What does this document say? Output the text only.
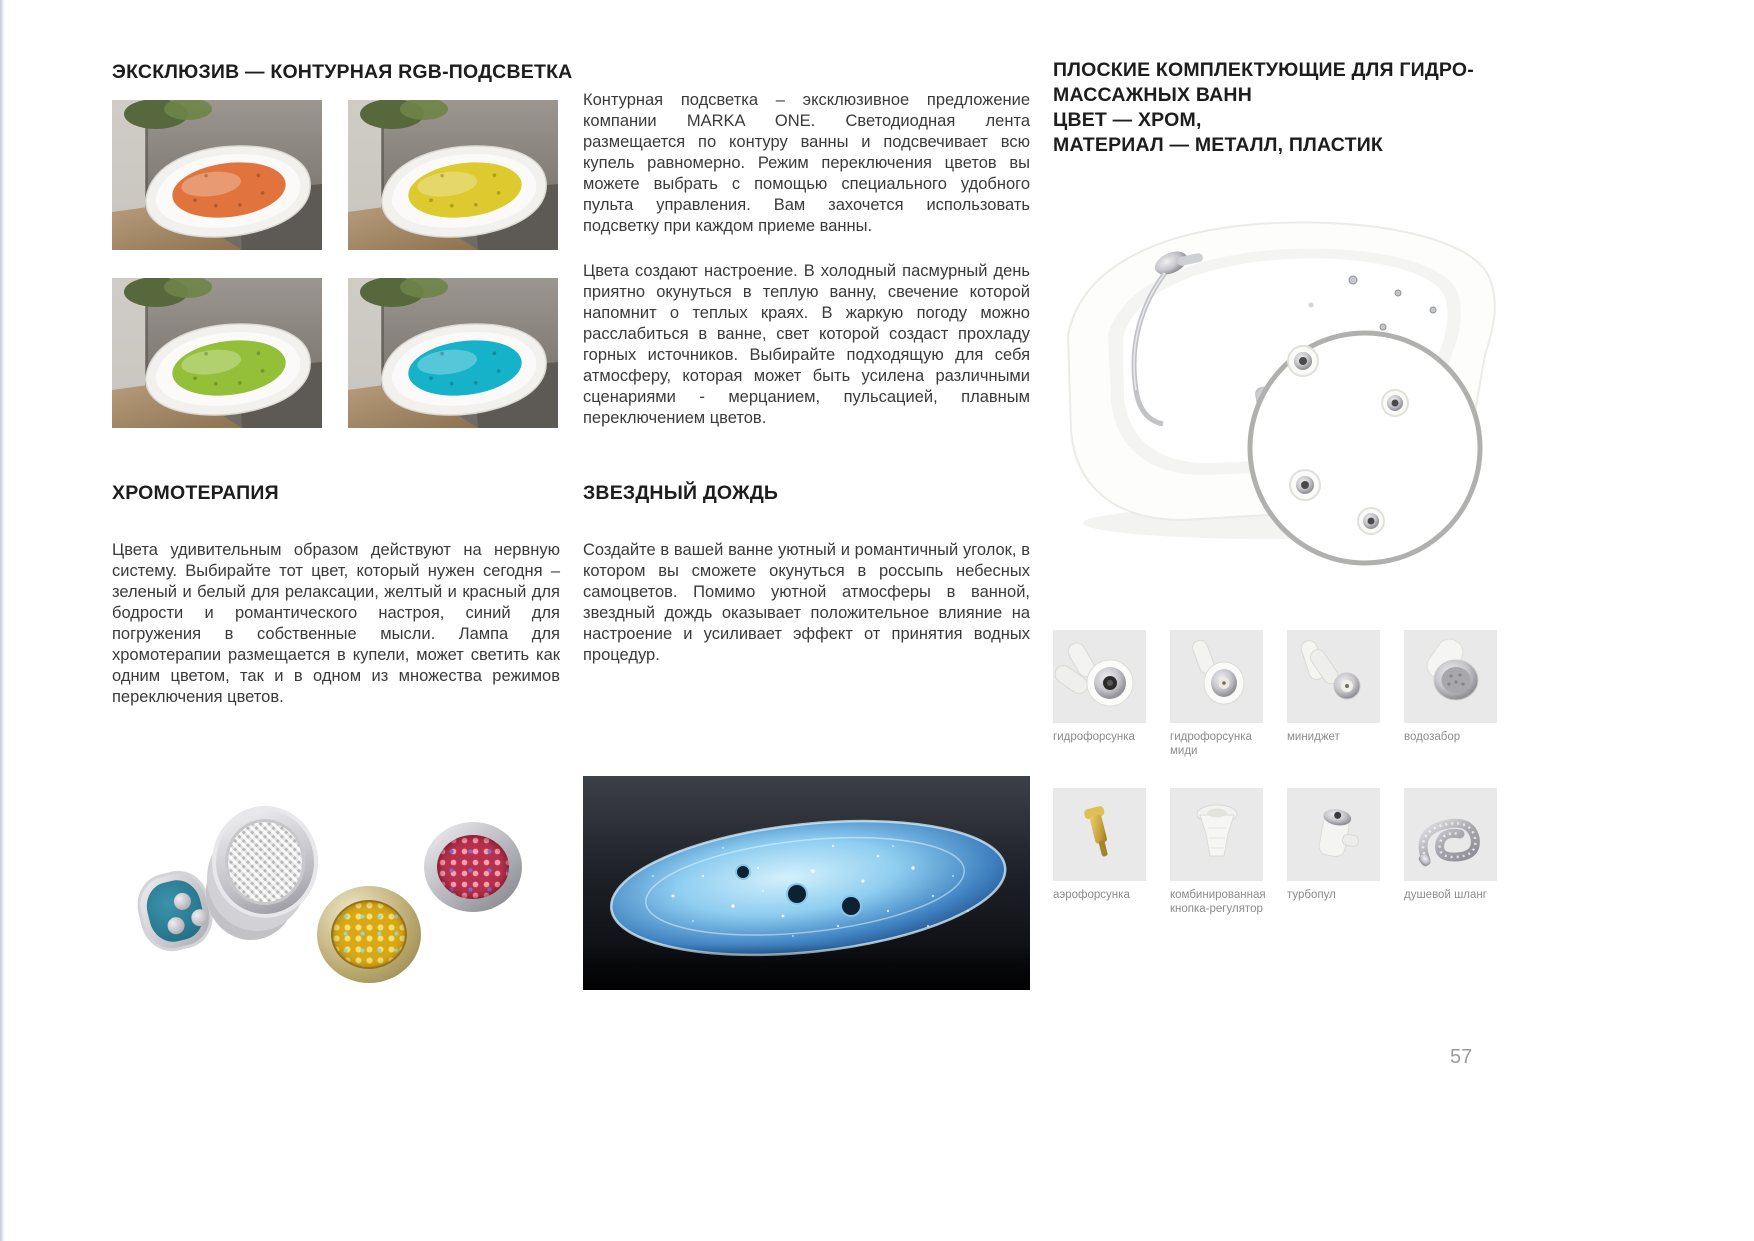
ЭКСКЛЮЗИВ — КОНТУРНАЯ RGB-ПОДСВЕТКА
ХРОМОТЕРАПИЯ
Цвета удивительным образом действуют на нервную систему. Выбирайте тот цвет, который нужен сегодня – зеленый и белый для релаксации, желтый и красный для бодрости и романтического настроя, синий для погружения в собственные мысли. Лампа для хромотерапии размещается в купели, может светить как одним цветом, так и в одном из множества режимов переключения цветов.
Контурная подсветка – эксклюзивное предложение компании MARKA ONE. Светодиодная лента размещается по контуру ванны и подсвечивает всю купель равномерно. Режим переключения цветов вы можете выбрать с помощью специального удобного пульта управления. Вам захочется использовать подсветку при каждом приеме ванны.
Цвета создают настроение. В холодный пасмурный день приятно окунуться в теплую ванну, свечение которой напомнит о теплых краях. В жаркую погоду можно расслабиться в ванне, свет которой создаст прохладу горных источников. Выбирайте подходящую для себя атмосферу, которая может быть усилена различными сценариями - мерцанием, пульсацией, плавным переключением цветов.
ЗВЕЗДНЫЙ ДОЖДЬ
Создайте в вашей ванне уютный и романтичный уголок, в котором вы сможете окунуться в россыпь небесных самоцветов. Помимо уютной атмосферы в ванной, звездный дождь оказывает положительное влияние на настроение и усиливает эффект от принятия водных процедур.
ПЛОСКИЕ КОМПЛЕКТУЮЩИЕ ДЛЯ ГИДРО-
МАССАЖНЫХ ВАНН
ЦВЕТ — ХРОМ,
МАТЕРИАЛ — МЕТАЛЛ, ПЛАСТИК
гидрофорсунка	гидрофорсунка миди
миниджет	водозабор
аэрофорсунка	комбинированная кнопка-регулятор
турбопул	душевой шланг
57
